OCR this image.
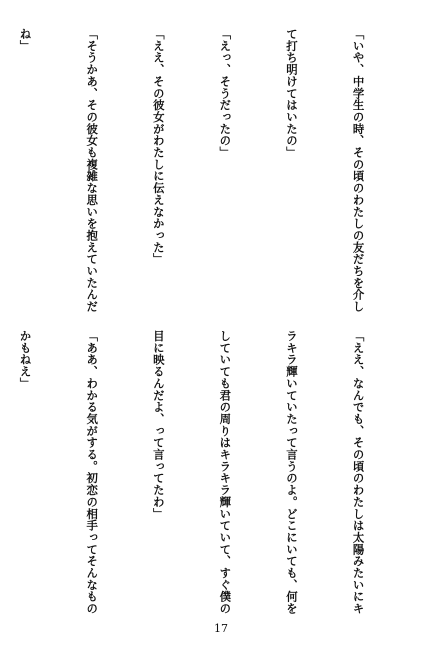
「いや、中学生の時、その頃のわたしの友だちを介し

て打ち明けてはいたの」

「えっ、そうだったの」

「ええ、その彼女がわたしに伝えなかった」

「そうかあ、その彼女も複雑な思いを抱えていたんだ

ね」

「ええ、なんでも、その頃のわたしは太陽みたいにキ

ラキラ輝いていたって言うのよ。どこにいても、何を

していても君の周りはキラキラ輝いていて、すぐ僕の

目に映るんだよ、って言ってたわ」

「ああ、わかる気がする。初恋の相手ってそんなもの

かもねえ」

17
